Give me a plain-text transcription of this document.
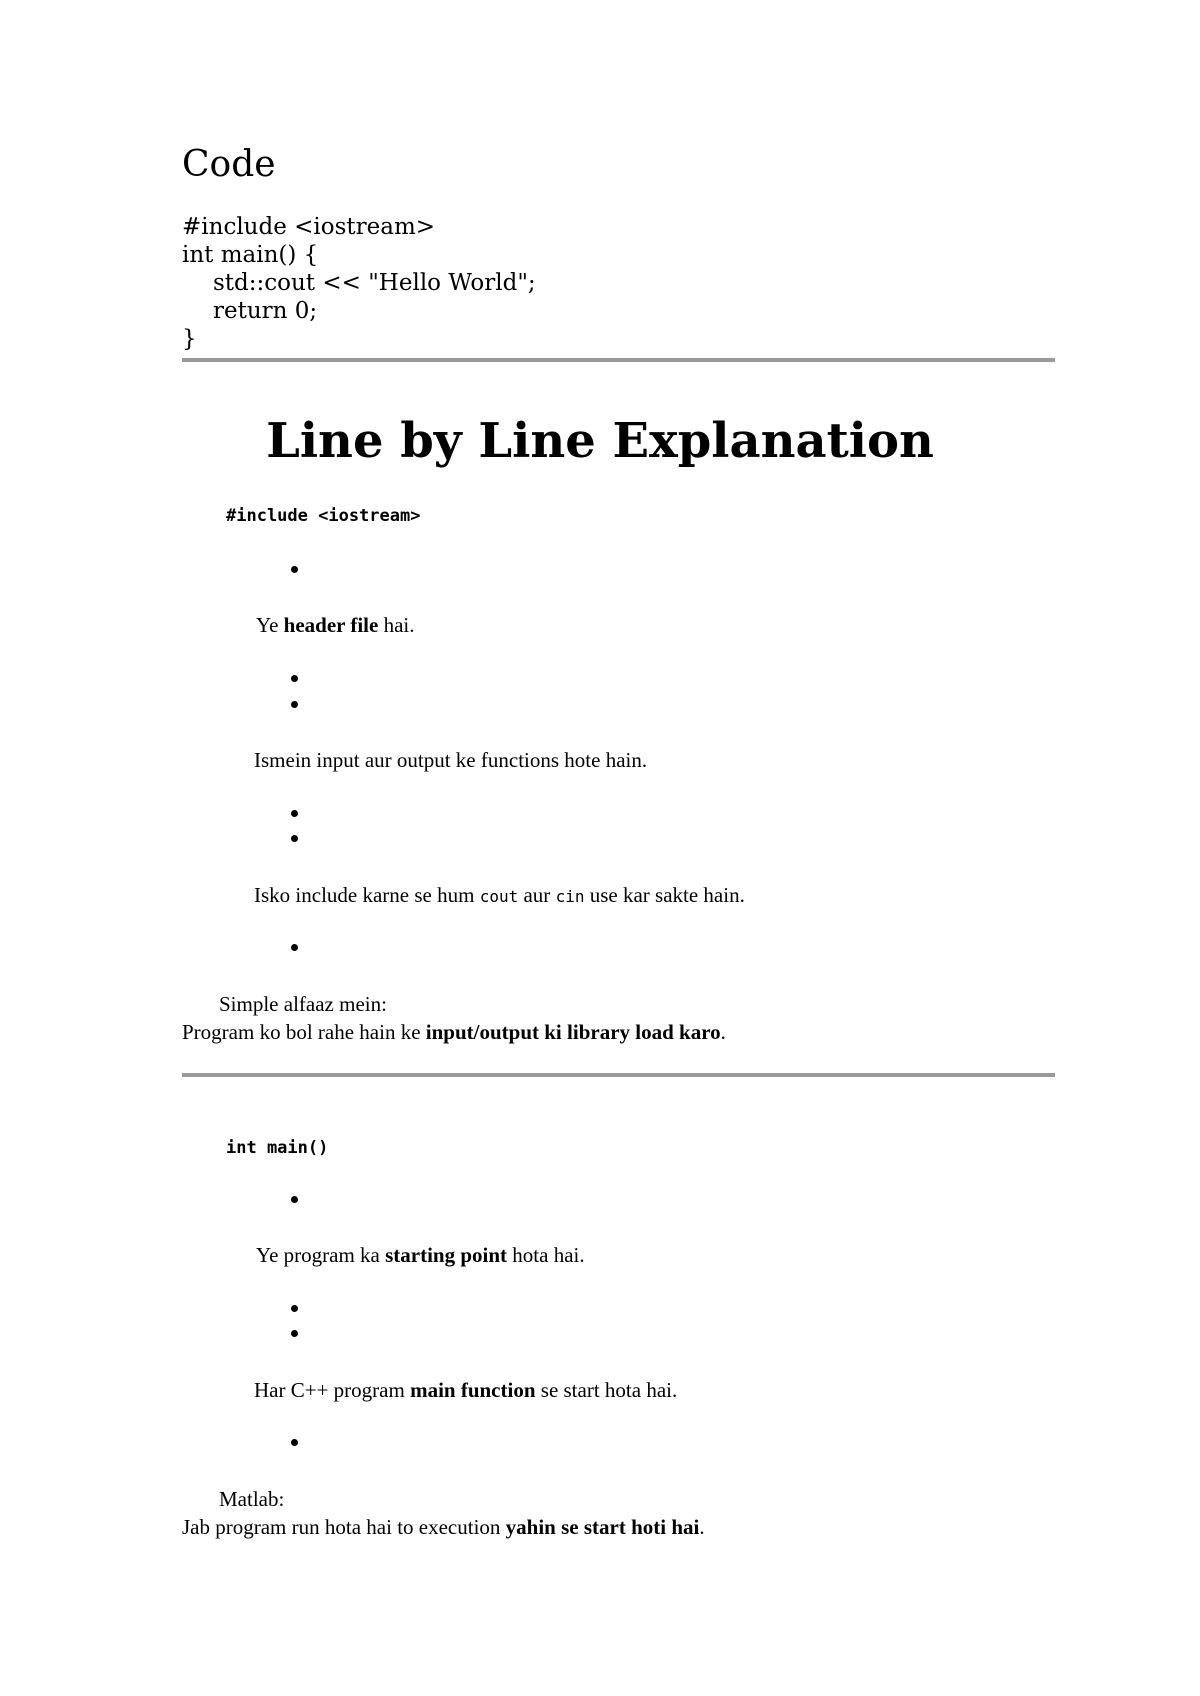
Code
#include <iostream>
int main() {
std::cout << "Hello World";
return 0;
}
Line by Line Explanation
#include <iostream>
Ye header file hai.
Ismein input aur output ke functions hote hain.
Isko include karne se hum cout aur cin use kar sakte hain.
Simple alfaaz mein:
Program ko bol rahe hain ke input/output ki library load karo.
int main()
Ye program ka starting point hota hai.
Har C++ program main function se start hota hai.
Matlab:
Jab program run hota hai to execution yahin se start hoti hai.
